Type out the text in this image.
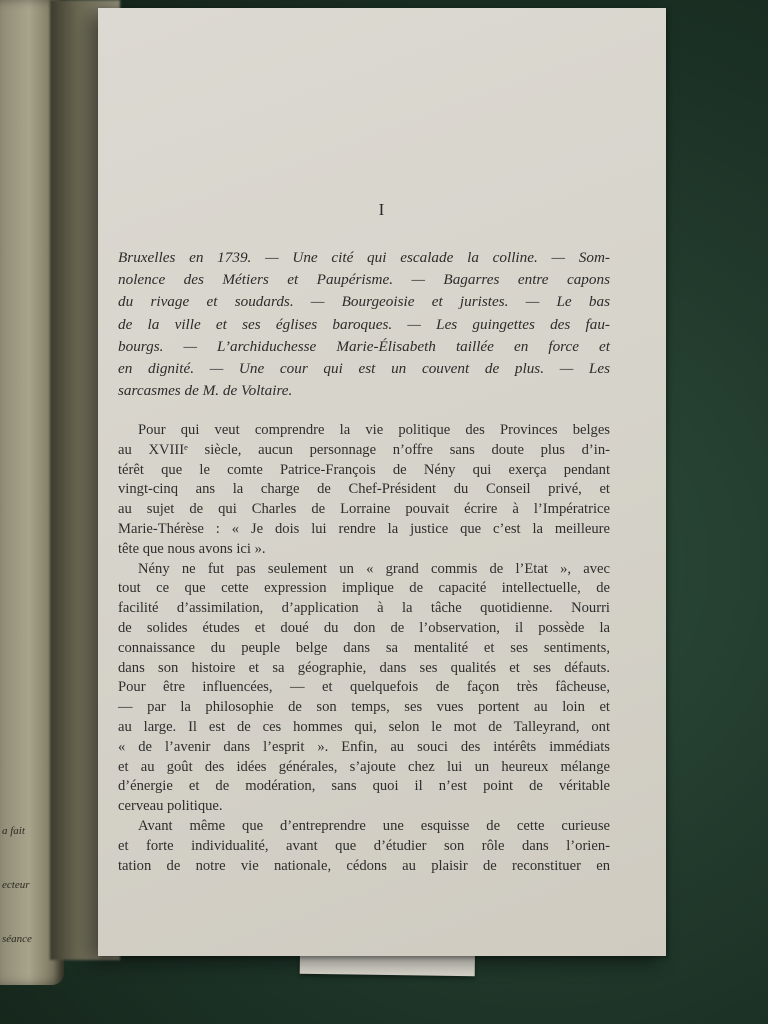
a fait

ecteur

séance

I
Bruxelles en 1739. — Une cité qui escalade la colline. — Som-
nolence des Métiers et Paupérisme. — Bagarres entre capons
du rivage et soudards. — Bourgeoisie et juristes. — Le bas
de la ville et ses églises baroques. — Les guingettes des fau-
bourgs. — L’archiduchesse Marie-Élisabeth taillée en force et
en dignité. — Une cour qui est un couvent de plus. — Les
sarcasmes de M. de Voltaire.
Pour qui veut comprendre la vie politique des Provinces belges
au XVIIIᵉ siècle, aucun personnage n’offre sans doute plus d’in-
térêt que le comte Patrice-François de Nény qui exerça pendant
vingt-cinq ans la charge de Chef-Président du Conseil privé, et
au sujet de qui Charles de Lorraine pouvait écrire à l’Impératrice
Marie-Thérèse : « Je dois lui rendre la justice que c’est la meilleure
tête que nous avons ici ».
Nény ne fut pas seulement un « grand commis de l’Etat », avec
tout ce que cette expression implique de capacité intellectuelle, de
facilité d’assimilation, d’application à la tâche quotidienne. Nourri
de solides études et doué du don de l’observation, il possède la
connaissance du peuple belge dans sa mentalité et ses sentiments,
dans son histoire et sa géographie, dans ses qualités et ses défauts.
Pour être influencées, — et quelquefois de façon très fâcheuse,
— par la philosophie de son temps, ses vues portent au loin et
au large. Il est de ces hommes qui, selon le mot de Talleyrand, ont
« de l’avenir dans l’esprit ». Enfin, au souci des intérêts immédiats
et au goût des idées générales, s’ajoute chez lui un heureux mélange
d’énergie et de modération, sans quoi il n’est point de véritable
cerveau politique.
Avant même que d’entreprendre une esquisse de cette curieuse
et forte individualité, avant que d’étudier son rôle dans l’orien-
tation de notre vie nationale, cédons au plaisir de reconstituer en
